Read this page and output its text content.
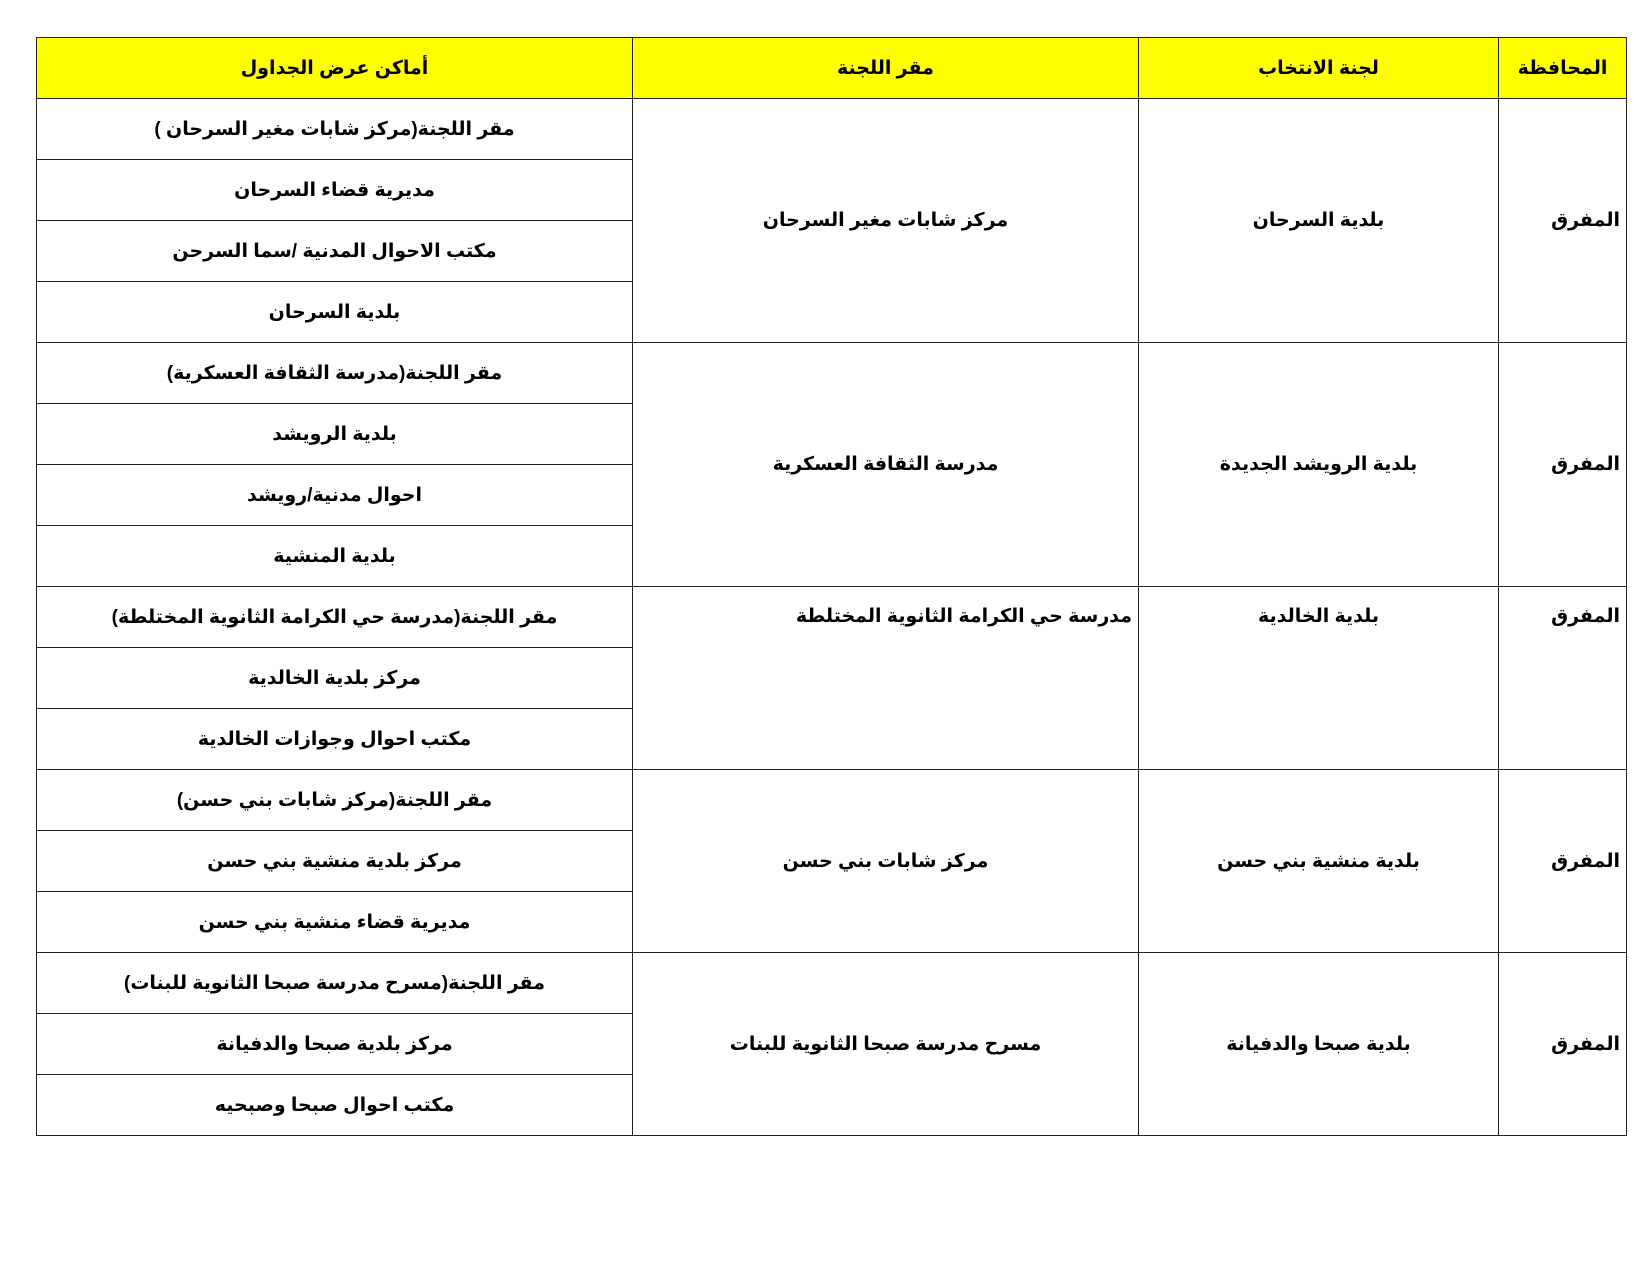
المحافظة	لجنة الانتخاب	مقر اللجنة	أماكن عرض الجداول
المفرق	بلدية السرحان	مركز شابات مغير السرحان	مقر اللجنة(مركز شابات مغير السرحان )
			مديرية قضاء السرحان
			مكتب الاحوال المدنية /سما السرحن
			بلدية السرحان
المفرق	بلدية الرويشد الجديدة	مدرسة الثقافة العسكرية	مقر اللجنة(مدرسة الثقافة العسكرية)
			بلدية الرويشد
			احوال مدنية/رويشد
			بلدية المنشية
المفرق	بلدية الخالدية	مدرسة حي الكرامة الثانوية المختلطة	مقر اللجنة(مدرسة حي الكرامة الثانوية المختلطة)
			مركز بلدية الخالدية
			مكتب احوال وجوازات الخالدية
المفرق	بلدية منشية بني حسن	مركز شابات بني حسن	مقر اللجنة(مركز شابات بني حسن)
			مركز بلدية منشية بني حسن
			مديرية قضاء منشية بني حسن
المفرق	بلدية صبحا والدفيانة	مسرح مدرسة صبحا الثانوية للبنات	مقر اللجنة(مسرح مدرسة صبحا الثانوية للبنات)
			مركز بلدية صبحا والدفيانة
			مكتب احوال صبحا وصبحيه
